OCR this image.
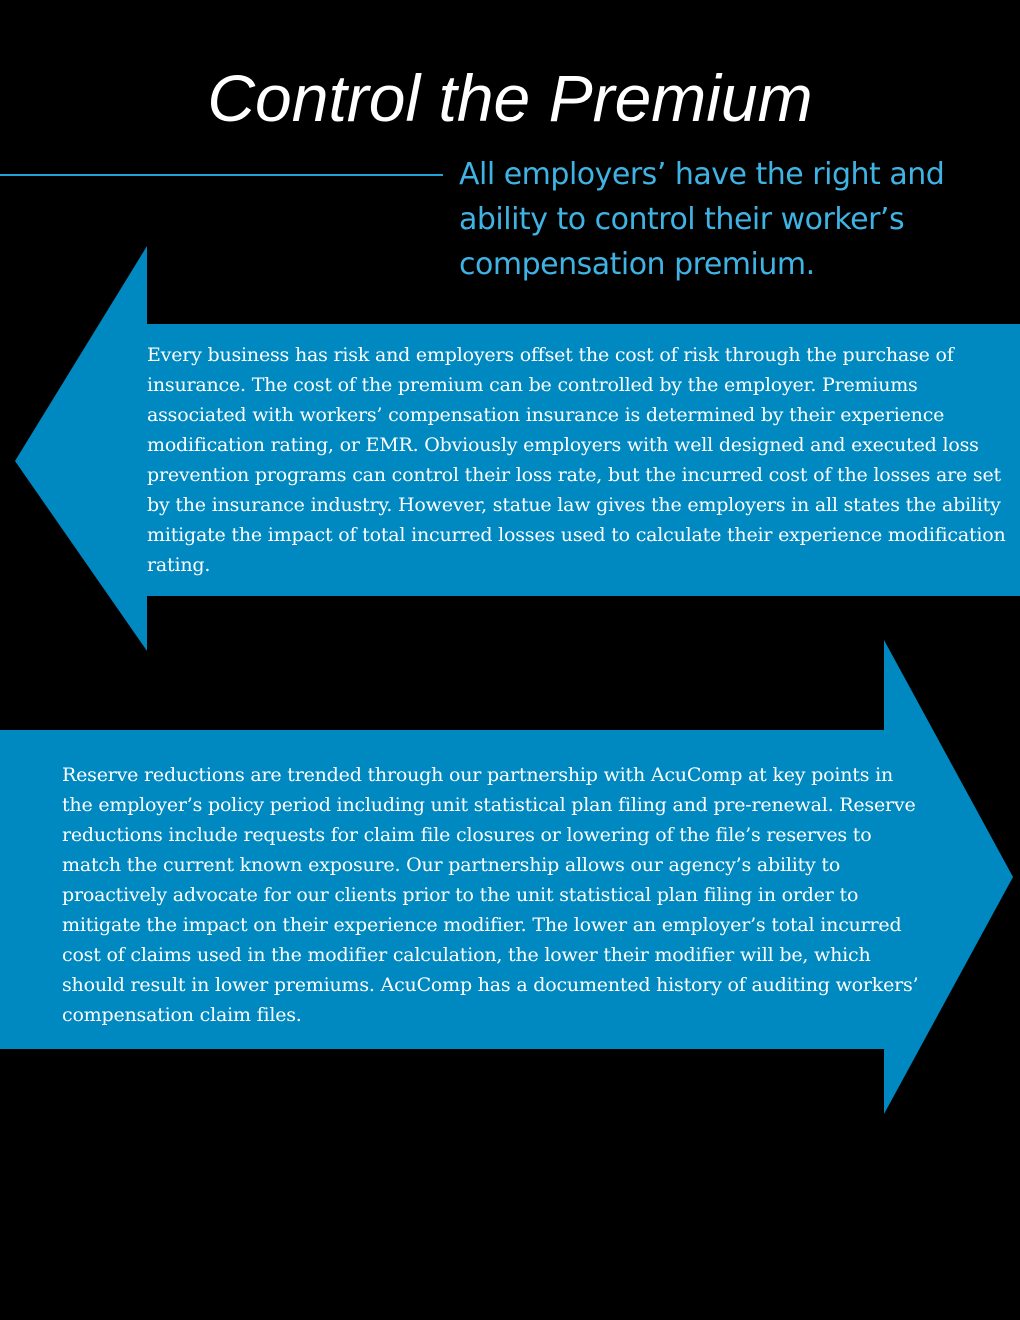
Control the Premium

All employers’ have the right and ability to control their worker’s compensation premium.

Every business has risk and employers offset the cost of risk through the purchase of insurance. The cost of the premium can be controlled by the employer. Premiums associated with workers’ compensation insurance is determined by their experience modification rating, or EMR. Obviously employers with well designed and executed loss prevention programs can control their loss rate, but the incurred cost of the losses are set by the insurance industry. However, statue law gives the employers in all states the ability mitigate the impact of total incurred losses used to calculate their experience modification rating.

Reserve reductions are trended through our partnership with AcuComp at key points in the employer’s policy period including unit statistical plan filing and pre-renewal. Reserve reductions include requests for claim file closures or lowering of the file’s reserves to match the current known exposure. Our partnership allows our agency’s ability to proactively advocate for our clients prior to the unit statistical plan filing in order to mitigate the impact on their experience modifier. The lower an employer’s total incurred cost of claims used in the modifier calculation, the lower their modifier will be, which should result in lower premiums. AcuComp has a documented history of auditing workers’ compensation claim files.
